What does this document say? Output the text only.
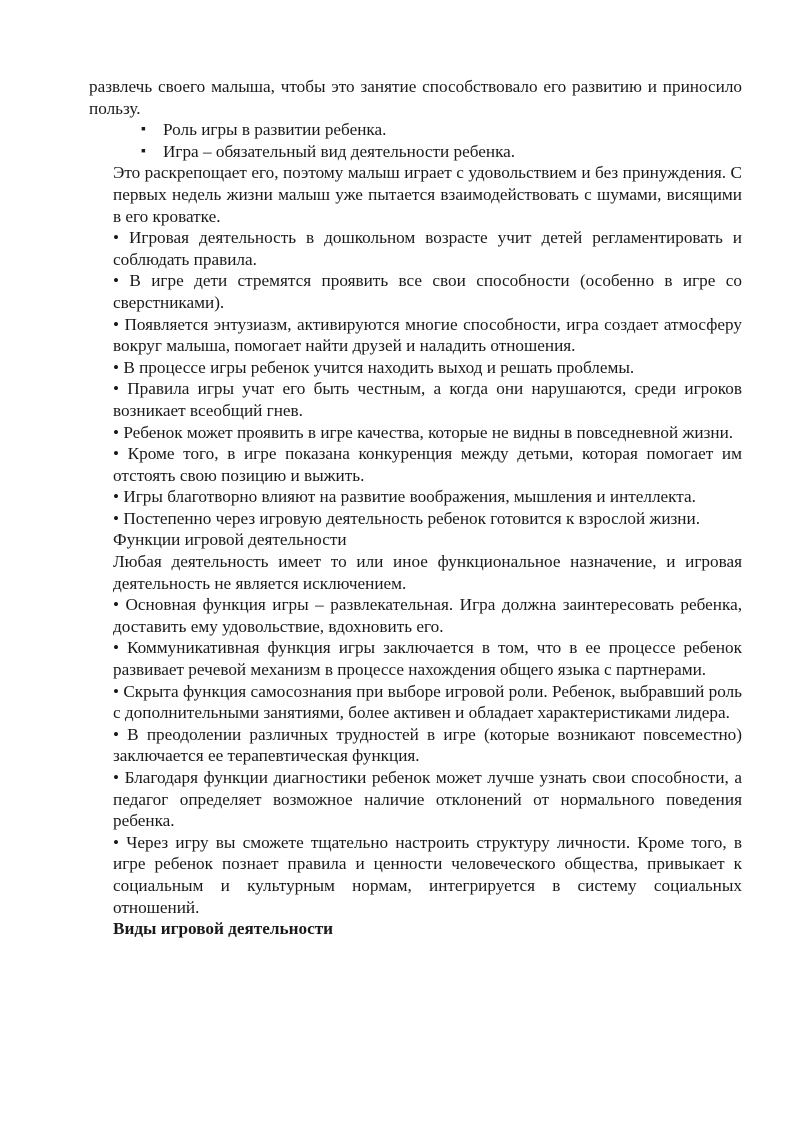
развлечь своего малыша, чтобы это занятие способствовало его развитию и приносило пользу.

▪ Роль игры в развитии ребенка.
▪ Игра – обязательный вид деятельности ребенка.

Это раскрепощает его, поэтому малыш играет с удовольствием и без принуждения. С первых недель жизни малыш уже пытается взаимодействовать с шумами, висящими в его кроватке.

• Игровая деятельность в дошкольном возрасте учит детей регламентировать и соблюдать правила.

• В игре дети стремятся проявить все свои способности (особенно в игре со сверстниками).

• Появляется энтузиазм, активируются многие способности, игра создает атмосферу вокруг малыша, помогает найти друзей и наладить отношения.

• В процессе игры ребенок учится находить выход и решать проблемы.

• Правила игры учат его быть честным, а когда они нарушаются, среди игроков возникает всеобщий гнев.

• Ребенок может проявить в игре качества, которые не видны в повседневной жизни.

• Кроме того, в игре показана конкуренция между детьми, которая помогает им отстоять свою позицию и выжить.

• Игры благотворно влияют на развитие воображения, мышления и интеллекта.

• Постепенно через игровую деятельность ребенок готовится к взрослой жизни.

Функции игровой деятельности

Любая деятельность имеет то или иное функциональное назначение, и игровая деятельность не является исключением.

• Основная функция игры – развлекательная. Игра должна заинтересовать ребенка, доставить ему удовольствие, вдохновить его.

• Коммуникативная функция игры заключается в том, что в ее процессе ребенок развивает речевой механизм в процессе нахождения общего языка с партнерами.

• Скрыта функция самосознания при выборе игровой роли. Ребенок, выбравший роль с дополнительными занятиями, более активен и обладает характеристиками лидера.

• В преодолении различных трудностей в игре (которые возникают повсеместно) заключается ее терапевтическая функция.

• Благодаря функции диагностики ребенок может лучше узнать свои способности, а педагог определяет возможное наличие отклонений от нормального поведения ребенка.

• Через игру вы сможете тщательно настроить структуру личности. Кроме того, в игре ребенок познает правила и ценности человеческого общества, привыкает к социальным и культурным нормам, интегрируется в систему социальных отношений.

Виды игровой деятельности
